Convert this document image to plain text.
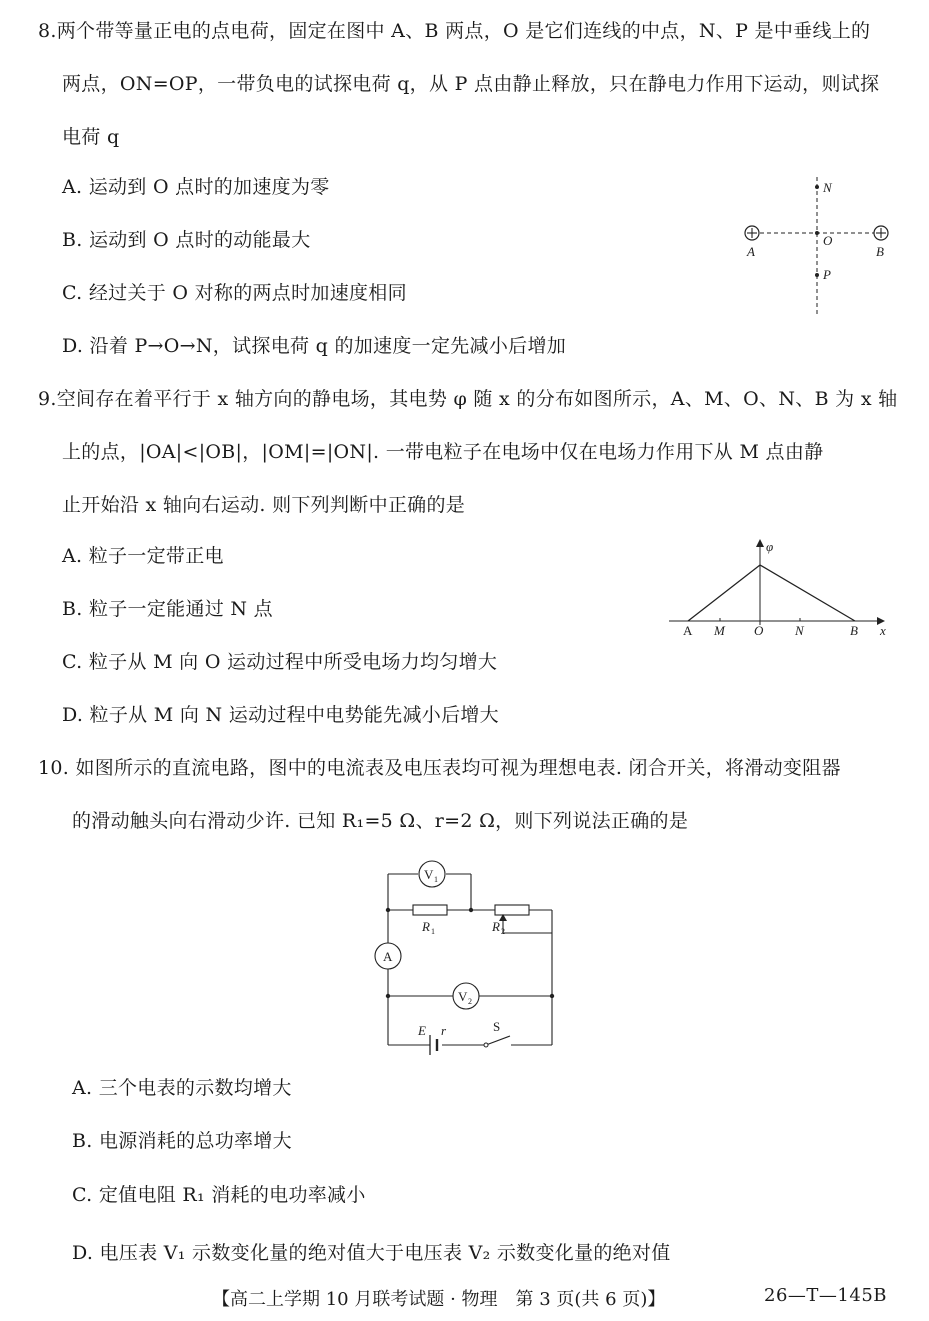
8.两个带等量正电的点电荷，固定在图中 A、B 两点，O 是它们连线的中点，N、P 是中垂线上的
两点，ON=OP，一带负电的试探电荷 q，从 P 点由静止释放，只在静电力作用下运动，则试探
电荷 q
A. 运动到 O 点时的加速度为零
B. 运动到 O 点时的动能最大
C. 经过关于 O 对称的两点时加速度相同
D. 沿着 P→O→N，试探电荷 q 的加速度一定先减小后增加
N
O
P
A	B
9.空间存在着平行于 x 轴方向的静电场，其电势 φ 随 x 的分布如图所示，A、M、O、N、B 为 x 轴
上的点，|OA|<|OB|，|OM|=|ON|. 一带电粒子在电场中仅在电场力作用下从 M 点由静
止开始沿 x 轴向右运动. 则下列判断中正确的是
A. 粒子一定带正电
B. 粒子一定能通过 N 点
C. 粒子从 M 向 O 运动过程中所受电场力均匀增大
D. 粒子从 M 向 N 运动过程中电势能先减小后增大
φ
x
A M O N	B
10. 如图所示的直流电路，图中的电流表及电压表均可视为理想电表. 闭合开关，将滑动变阻器
的滑动触头向右滑动少许. 已知 R₁=5 Ω、r=2 Ω，则下列说法正确的是
V 1
A
V 2
R 1	R 2
E r	S
A. 三个电表的示数均增大
B. 电源消耗的总功率增大
C. 定值电阻 R₁ 消耗的电功率减小
D. 电压表 V₁ 示数变化量的绝对值大于电压表 V₂ 示数变化量的绝对值
【高二上学期 10 月联考试题 · 物理　第 3 页(共 6 页)】	26—T—145B
